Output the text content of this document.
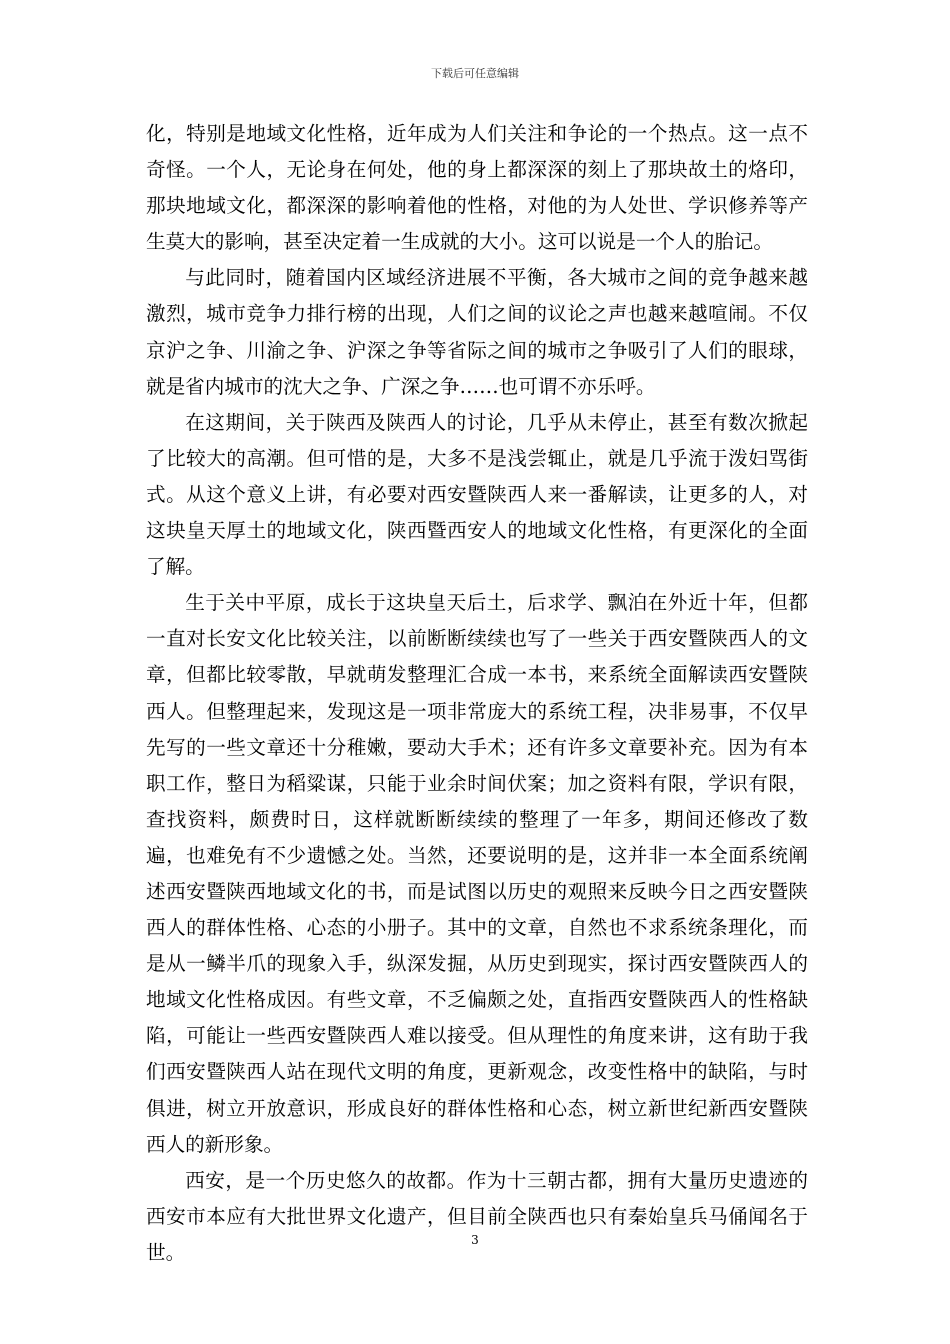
下载后可任意编辑

化，特别是地域文化性格，近年成为人们关注和争论的一个热点。这一点不奇怪。一个人，无论身在何处，他的身上都深深的刻上了那块故土的烙印，那块地域文化，都深深的影响着他的性格，对他的为人处世、学识修养等产生莫大的影响，甚至决定着一生成就的大小。这可以说是一个人的胎记。

与此同时，随着国内区域经济进展不平衡，各大城市之间的竞争越来越激烈，城市竞争力排行榜的出现，人们之间的议论之声也越来越喧闹。不仅京沪之争、川渝之争、沪深之争等省际之间的城市之争吸引了人们的眼球，就是省内城市的沈大之争、广深之争……也可谓不亦乐呼。

在这期间，关于陕西及陕西人的讨论，几乎从未停止，甚至有数次掀起了比较大的高潮。但可惜的是，大多不是浅尝辄止，就是几乎流于泼妇骂街式。从这个意义上讲，有必要对西安暨陕西人来一番解读，让更多的人，对这块皇天厚土的地域文化，陕西暨西安人的地域文化性格，有更深化的全面了解。

生于关中平原，成长于这块皇天后土，后求学、飘泊在外近十年，但都一直对长安文化比较关注，以前断断续续也写了一些关于西安暨陕西人的文章，但都比较零散，早就萌发整理汇合成一本书，来系统全面解读西安暨陕西人。但整理起来，发现这是一项非常庞大的系统工程，决非易事，不仅早先写的一些文章还十分稚嫩，要动大手术；还有许多文章要补充。因为有本职工作，整日为稻粱谋，只能于业余时间伏案；加之资料有限，学识有限，查找资料，颇费时日，这样就断断续续的整理了一年多，期间还修改了数遍，也难免有不少遗憾之处。当然，还要说明的是，这并非一本全面系统阐述西安暨陕西地域文化的书，而是试图以历史的观照来反映今日之西安暨陕西人的群体性格、心态的小册子。其中的文章，自然也不求系统条理化，而是从一鳞半爪的现象入手，纵深发掘，从历史到现实，探讨西安暨陕西人的地域文化性格成因。有些文章，不乏偏颇之处，直指西安暨陕西人的性格缺陷，可能让一些西安暨陕西人难以接受。但从理性的角度来讲，这有助于我们西安暨陕西人站在现代文明的角度，更新观念，改变性格中的缺陷，与时俱进，树立开放意识，形成良好的群体性格和心态，树立新世纪新西安暨陕西人的新形象。

西安，是一个历史悠久的故都。作为十三朝古都，拥有大量历史遗迹的西安市本应有大批世界文化遗产，但目前全陕西也只有秦始皇兵马俑闻名于世。

3
